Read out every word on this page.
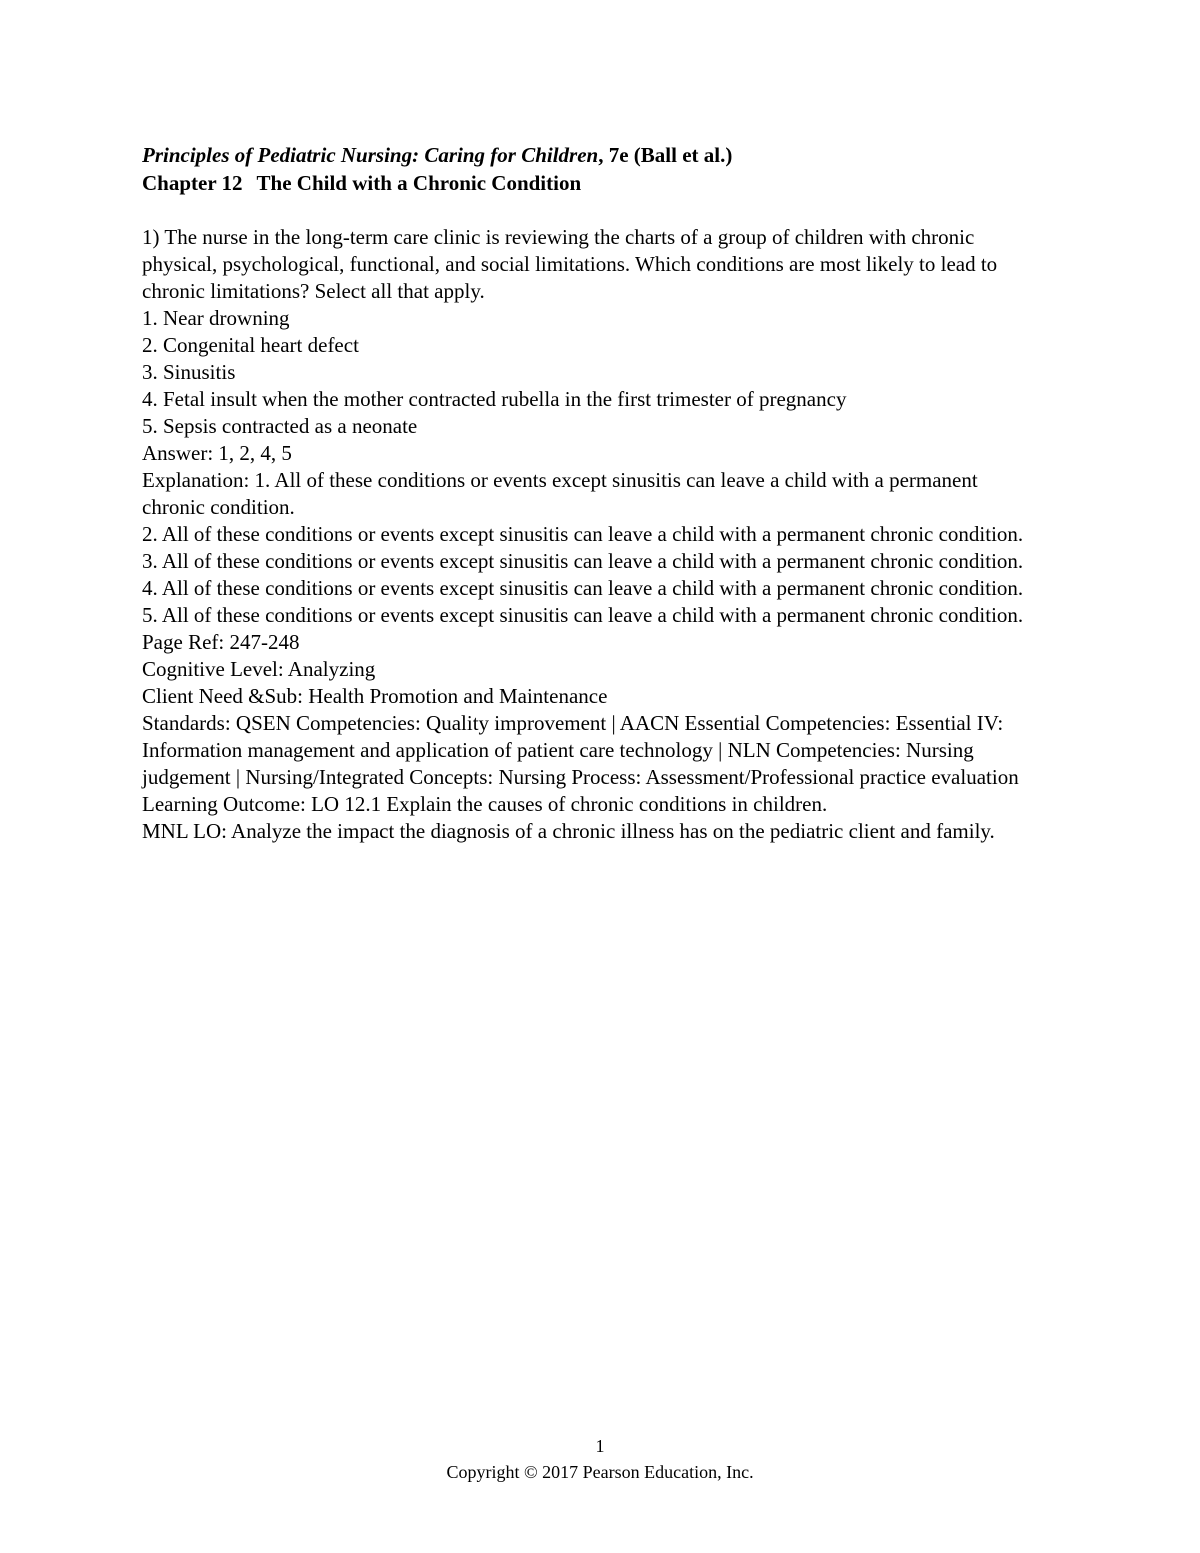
Principles of Pediatric Nursing: Caring for Children, 7e (Ball et al.)

Chapter 12 The Child with a Chronic Condition

1) The nurse in the long-term care clinic is reviewing the charts of a group of children with chronic physical, psychological, functional, and social limitations. Which conditions are most likely to lead to chronic limitations? Select all that apply.

1. Near drowning
2. Congenital heart defect
3. Sinusitis
4. Fetal insult when the mother contracted rubella in the first trimester of pregnancy
5. Sepsis contracted as a neonate

Answer: 1, 2, 4, 5

Explanation: 1. All of these conditions or events except sinusitis can leave a child with a permanent chronic condition.

2. All of these conditions or events except sinusitis can leave a child with a permanent chronic condition.

3. All of these conditions or events except sinusitis can leave a child with a permanent chronic condition.

4. All of these conditions or events except sinusitis can leave a child with a permanent chronic condition.

5. All of these conditions or events except sinusitis can leave a child with a permanent chronic condition.

Page Ref: 247-248

Cognitive Level: Analyzing

Client Need &Sub: Health Promotion and Maintenance

Standards: QSEN Competencies: Quality improvement | AACN Essential Competencies: Essential IV: Information management and application of patient care technology | NLN Competencies: Nursing judgement | Nursing/Integrated Concepts: Nursing Process: Assessment/Professional practice evaluation

Learning Outcome: LO 12.1 Explain the causes of chronic conditions in children.

MNL LO: Analyze the impact the diagnosis of a chronic illness has on the pediatric client and family.

1
Copyright © 2017 Pearson Education, Inc.
